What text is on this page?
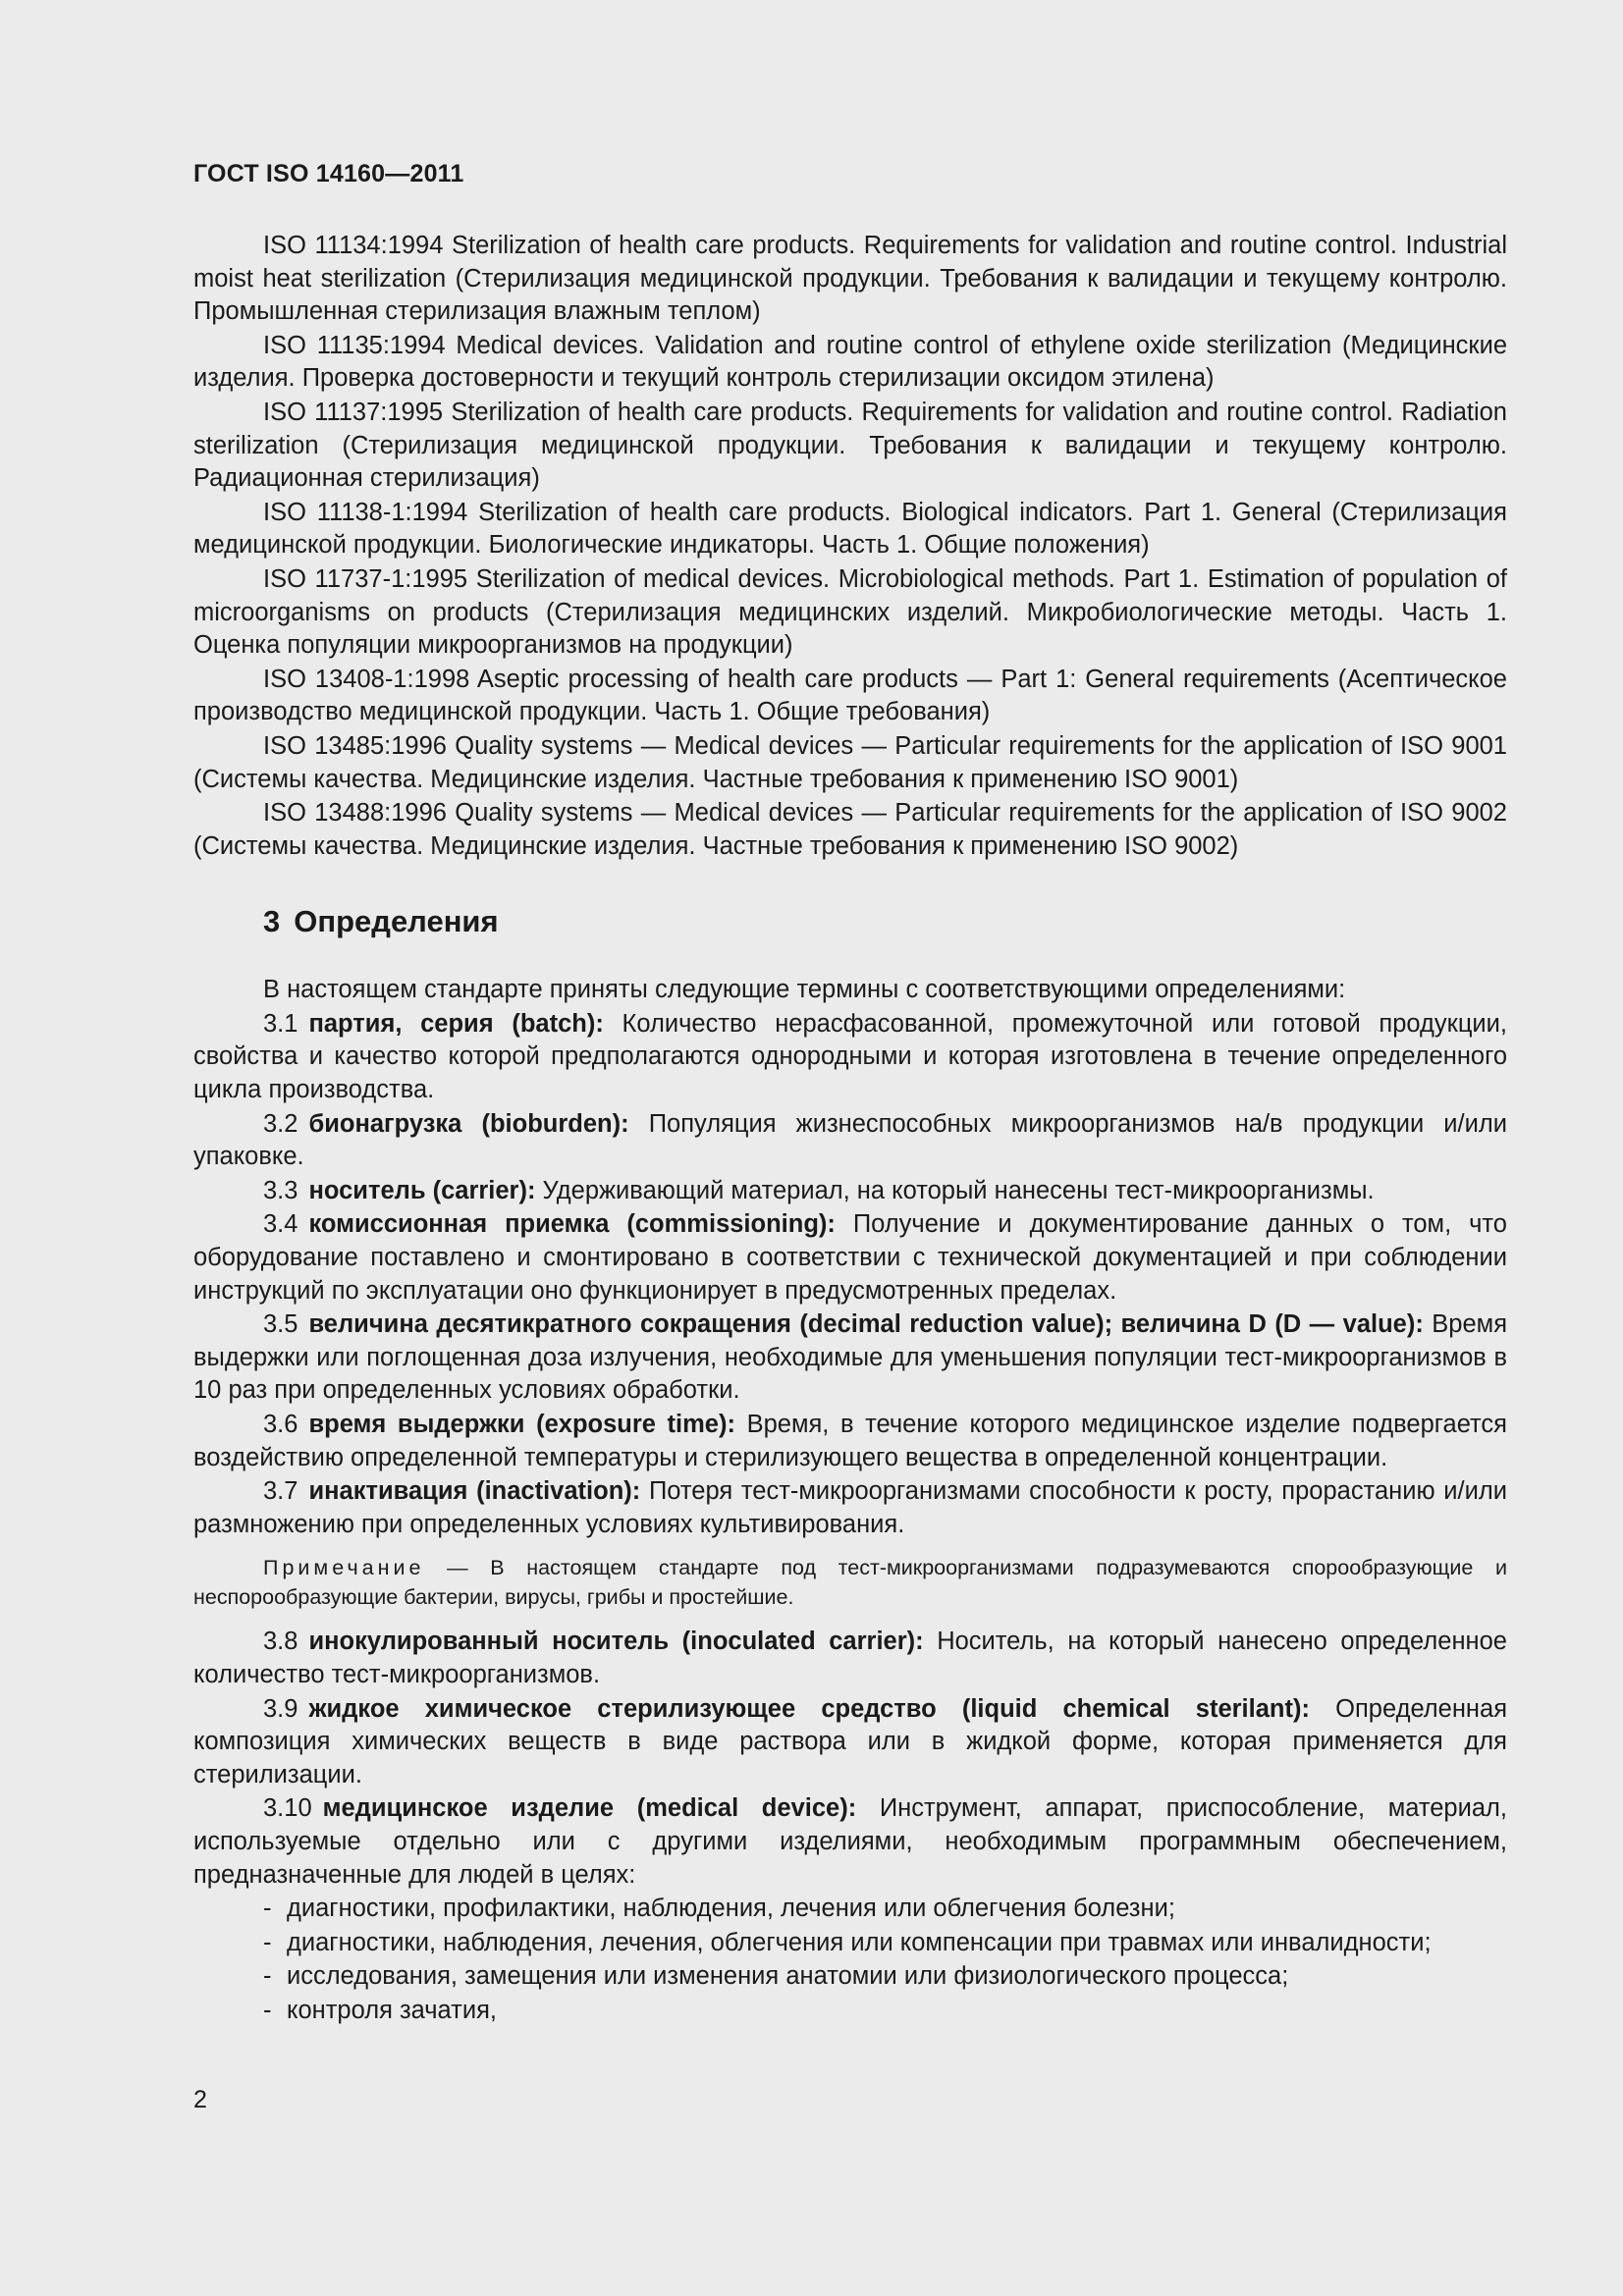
ГОСТ ISO 14160—2011

ISO 11134:1994 Sterilization of health care products. Requirements for validation and routine control. Industrial moist heat sterilization (Стерилизация медицинской продукции. Требования к валидации и текущему контролю. Промышленная стерилизация влажным теплом)

ISO 11135:1994 Medical devices. Validation and routine control of ethylene oxide sterilization (Медицинские изделия. Проверка достоверности и текущий контроль стерилизации оксидом этилена)

ISO 11137:1995 Sterilization of health care products. Requirements for validation and routine control. Radiation sterilization (Стерилизация медицинской продукции. Требования к валидации и текущему контролю. Радиационная стерилизация)

ISO 11138-1:1994 Sterilization of health care products. Biological indicators. Part 1. General (Стерилизация медицинской продукции. Биологические индикаторы. Часть 1. Общие положения)

ISO 11737-1:1995 Sterilization of medical devices. Microbiological methods. Part 1. Estimation of population of microorganisms on products (Стерилизация медицинских изделий. Микробиологические методы. Часть 1. Оценка популяции микроорганизмов на продукции)

ISO 13408-1:1998 Aseptic processing of health care products — Part 1: General requirements (Асептическое производство медицинской продукции. Часть 1. Общие требования)

ISO 13485:1996 Quality systems — Medical devices — Particular requirements for the application of ISO 9001 (Системы качества. Медицинские изделия. Частные требования к применению ISO 9001)

ISO 13488:1996 Quality systems — Medical devices — Particular requirements for the application of ISO 9002 (Системы качества. Медицинские изделия. Частные требования к применению ISO 9002)

3 Определения

В настоящем стандарте приняты следующие термины с соответствующими определениями:

3.1 партия, серия (batch): Количество нерасфасованной, промежуточной или готовой продукции, свойства и качество которой предполагаются однородными и которая изготовлена в течение определенного цикла производства.

3.2 бионагрузка (bioburden): Популяция жизнеспособных микроорганизмов на/в продукции и/или упаковке.

3.3 носитель (carrier): Удерживающий материал, на который нанесены тест-микроорганизмы.

3.4 комиссионная приемка (commissioning): Получение и документирование данных о том, что оборудование поставлено и смонтировано в соответствии с технической документацией и при соблюдении инструкций по эксплуатации оно функционирует в предусмотренных пределах.

3.5 величина десятикратного сокращения (decimal reduction value); величина D (D — value): Время выдержки или поглощенная доза излучения, необходимые для уменьшения популяции тест-микроорганизмов в 10 раз при определенных условиях обработки.

3.6 время выдержки (exposure time): Время, в течение которого медицинское изделие подвергается воздействию определенной температуры и стерилизующего вещества в определенной концентрации.

3.7 инактивация (inactivation): Потеря тест-микроорганизмами способности к росту, прорастанию и/или размножению при определенных условиях культивирования.

Примечание — В настоящем стандарте под тест-микроорганизмами подразумеваются спорообразующие и неспорообразующие бактерии, вирусы, грибы и простейшие.

3.8 инокулированный носитель (inoculated carrier): Носитель, на который нанесено определенное количество тест-микроорганизмов.

3.9 жидкое химическое стерилизующее средство (liquid chemical sterilant): Определенная композиция химических веществ в виде раствора или в жидкой форме, которая применяется для стерилизации.

3.10 медицинское изделие (medical device): Инструмент, аппарат, приспособление, материал, используемые отдельно или с другими изделиями, необходимым программным обеспечением, предназначенные для людей в целях:

- диагностики, профилактики, наблюдения, лечения или облегчения болезни;
- диагностики, наблюдения, лечения, облегчения или компенсации при травмах или инвалидности;
- исследования, замещения или изменения анатомии или физиологического процесса;
- контроля зачатия,
2
